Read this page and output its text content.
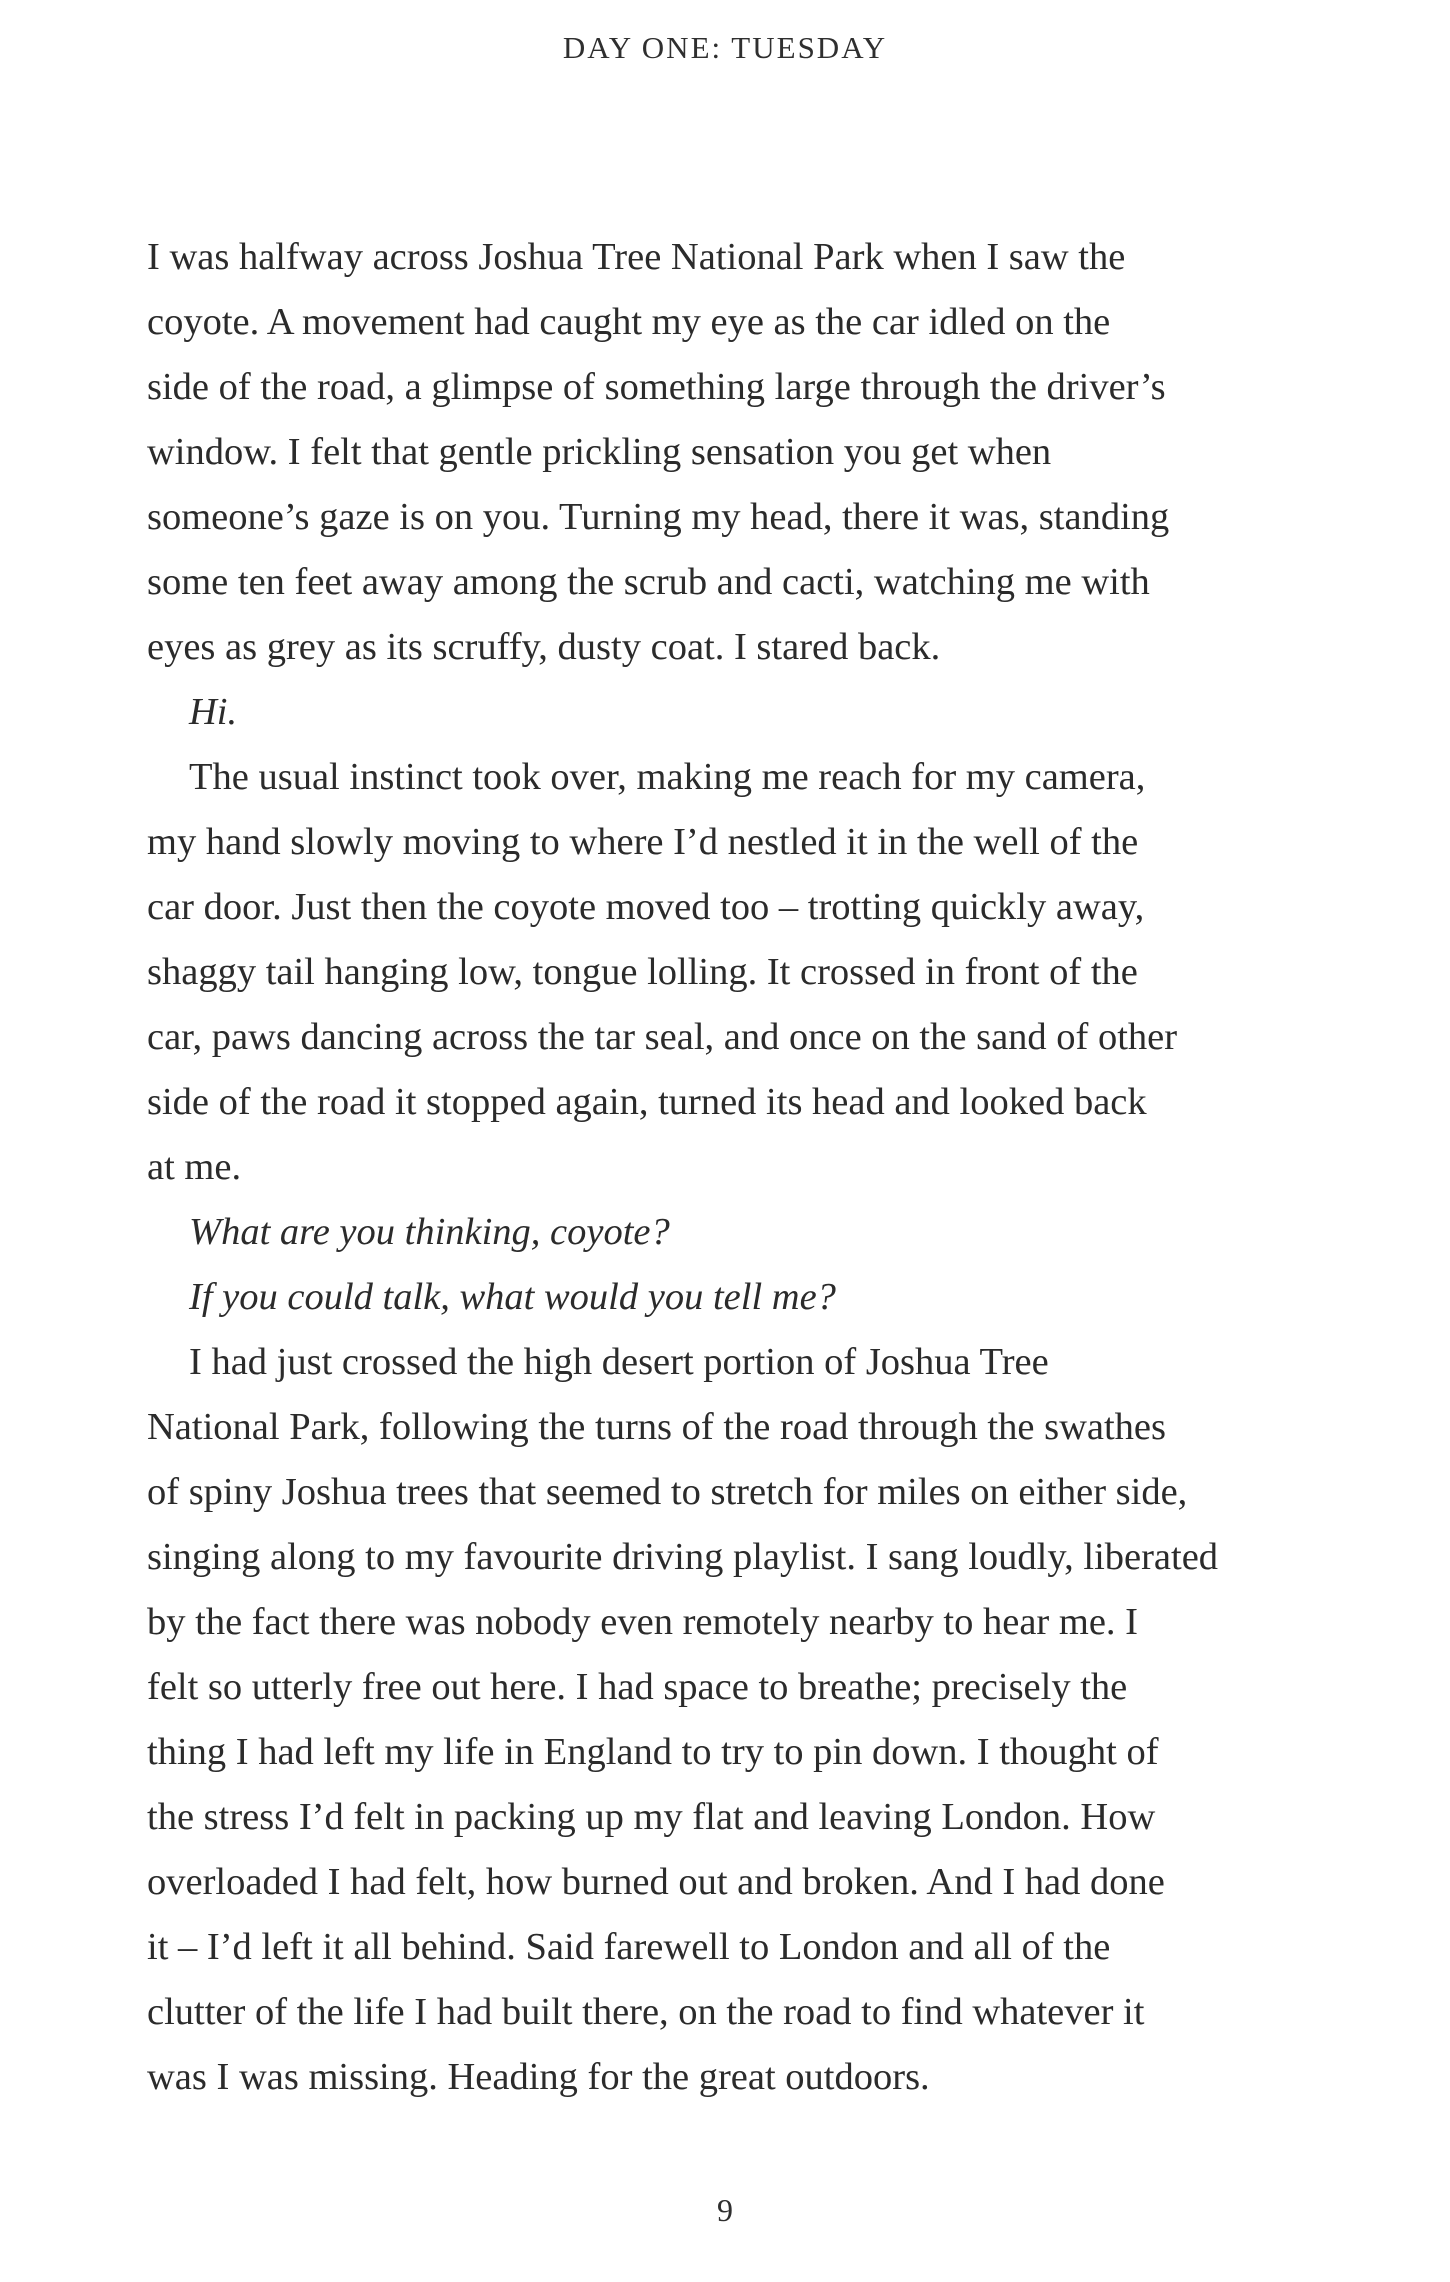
DAY ONE: TUESDAY

I was halfway across Joshua Tree National Park when I saw the

coyote. A movement had caught my eye as the car idled on the

side of the road, a glimpse of something large through the driver’s

window. I felt that gentle prickling sensation you get when

someone’s gaze is on you. Turning my head, there it was, standing

some ten feet away among the scrub and cacti, watching me with

eyes as grey as its scruffy, dusty coat. I stared back.

Hi.

The usual instinct took over, making me reach for my camera,

my hand slowly moving to where I’d nestled it in the well of the

car door. Just then the coyote moved too – trotting quickly away,

shaggy tail hanging low, tongue lolling. It crossed in front of the

car, paws dancing across the tar seal, and once on the sand of other

side of the road it stopped again, turned its head and looked back

at me.

What are you thinking, coyote?

If you could talk, what would you tell me?

I had just crossed the high desert portion of Joshua Tree

National Park, following the turns of the road through the swathes

of spiny Joshua trees that seemed to stretch for miles on either side,

singing along to my favourite driving playlist. I sang loudly, liberated

by the fact there was nobody even remotely nearby to hear me. I

felt so utterly free out here. I had space to breathe; precisely the

thing I had left my life in England to try to pin down. I thought of

the stress I’d felt in packing up my flat and leaving London. How

overloaded I had felt, how burned out and broken. And I had done

it – I’d left it all behind. Said farewell to London and all of the

clutter of the life I had built there, on the road to find whatever it

was I was missing. Heading for the great outdoors.

9
